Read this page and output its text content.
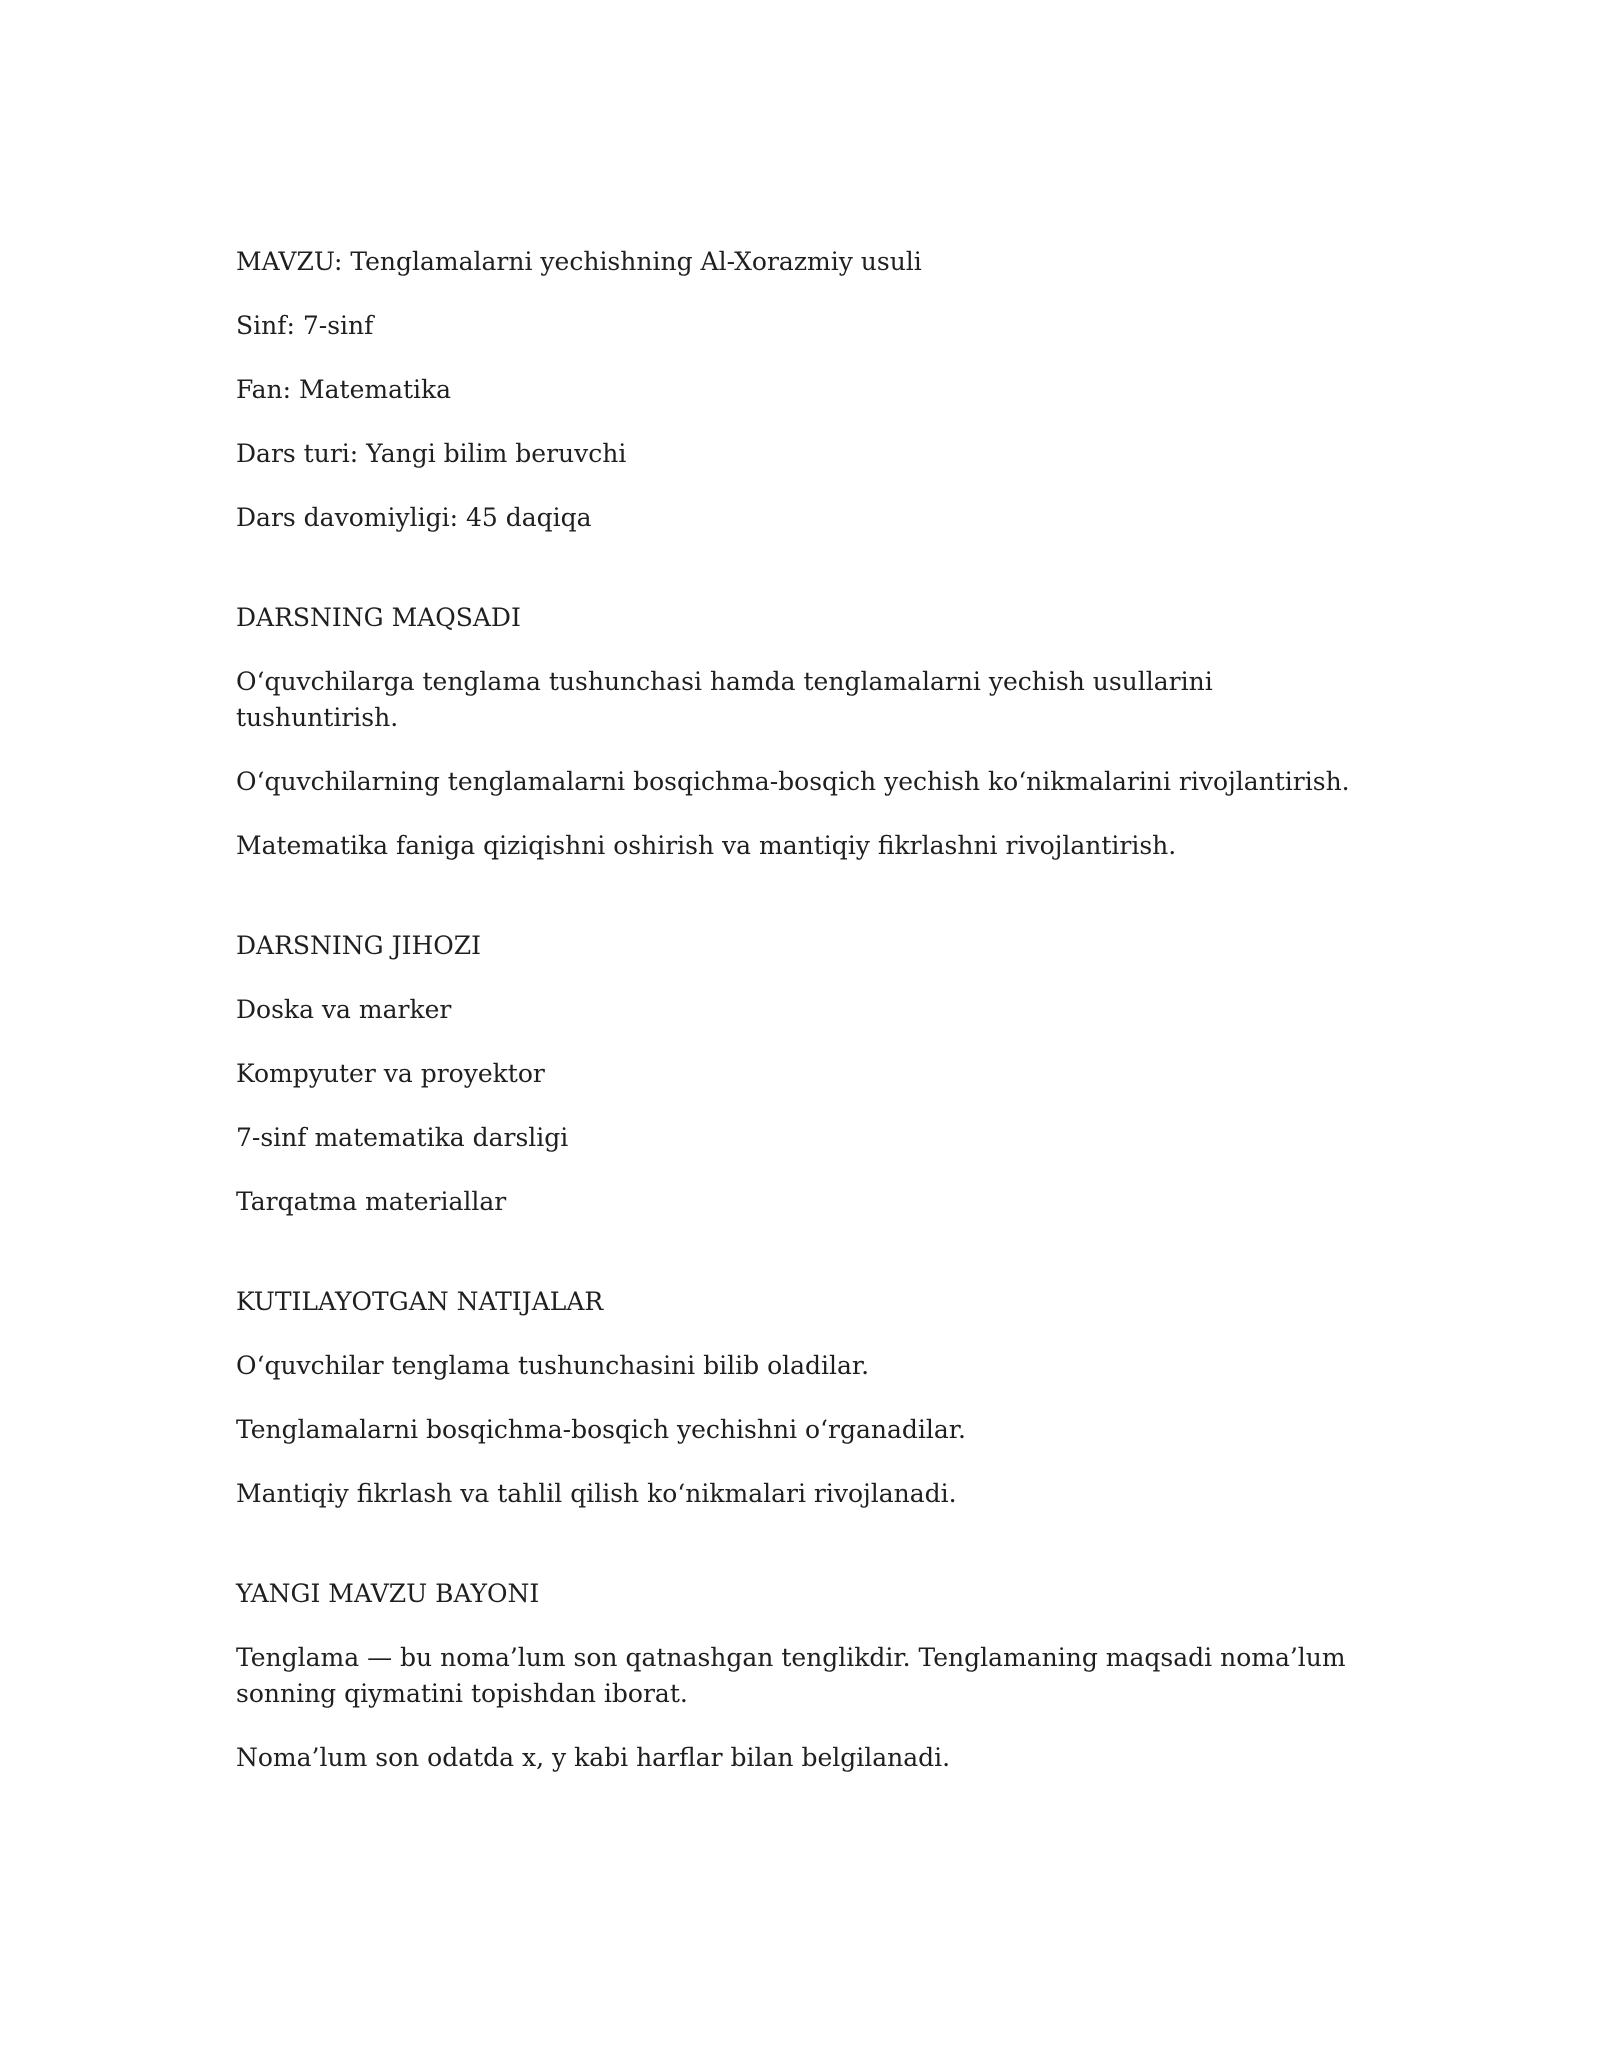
MAVZU: Tenglamalarni yechishning Al-Xorazmiy usuli

Sinf: 7-sinf

Fan: Matematika

Dars turi: Yangi bilim beruvchi

Dars davomiyligi: 45 daqiqa

DARSNING MAQSADI

O‘quvchilarga tenglama tushunchasi hamda tenglamalarni yechish usullarini tushuntirish.

O‘quvchilarning tenglamalarni bosqichma-bosqich yechish ko‘nikmalarini rivojlantirish.

Matematika faniga qiziqishni oshirish va mantiqiy fikrlashni rivojlantirish.

DARSNING JIHOZI

Doska va marker

Kompyuter va proyektor

7-sinf matematika darsligi

Tarqatma materiallar

KUTILAYOTGAN NATIJALAR

O‘quvchilar tenglama tushunchasini bilib oladilar.

Tenglamalarni bosqichma-bosqich yechishni o‘rganadilar.

Mantiqiy fikrlash va tahlil qilish ko‘nikmalari rivojlanadi.

YANGI MAVZU BAYONI

Tenglama — bu noma’lum son qatnashgan tenglikdir. Tenglamaning maqsadi noma’lum sonning qiymatini topishdan iborat.

Noma’lum son odatda x, y kabi harflar bilan belgilanadi.
